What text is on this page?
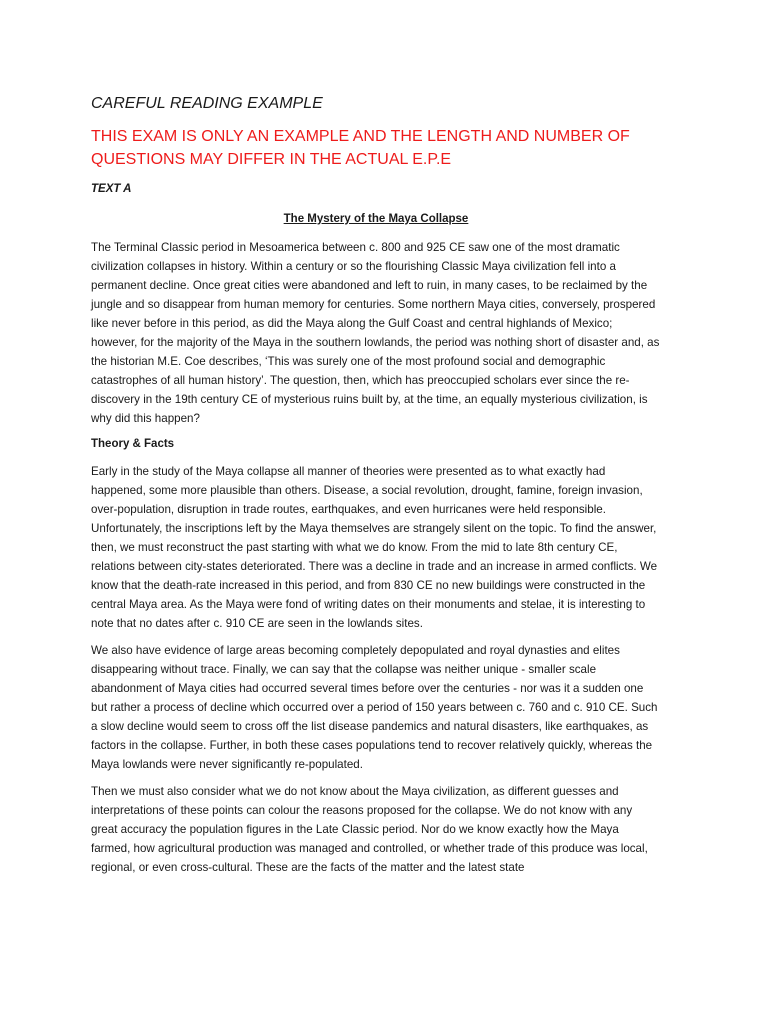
CAREFUL READING EXAMPLE
THIS EXAM IS ONLY AN EXAMPLE AND THE LENGTH AND NUMBER OF QUESTIONS MAY DIFFER IN THE ACTUAL E.P.E
TEXT A
The Mystery of the Maya Collapse

The Terminal Classic period in Mesoamerica between c. 800 and 925 CE saw one of the most dramatic civilization collapses in history. Within a century or so the flourishing Classic Maya civilization fell into a permanent decline. Once great cities were abandoned and left to ruin, in many cases, to be reclaimed by the jungle and so disappear from human memory for centuries. Some northern Maya cities, conversely, prospered like never before in this period, as did the Maya along the Gulf Coast and central highlands of Mexico; however, for the majority of the Maya in the southern lowlands, the period was nothing short of disaster and, as the historian M.E. Coe describes, ‘This was surely one of the most profound social and demographic catastrophes of all human history’. The question, then, which has preoccupied scholars ever since the re-discovery in the 19th century CE of mysterious ruins built by, at the time, an equally mysterious civilization, is why did this happen?

Theory & Facts

Early in the study of the Maya collapse all manner of theories were presented as to what exactly had happened, some more plausible than others. Disease, a social revolution, drought, famine, foreign invasion, over-population, disruption in trade routes, earthquakes, and even hurricanes were held responsible. Unfortunately, the inscriptions left by the Maya themselves are strangely silent on the topic. To find the answer, then, we must reconstruct the past starting with what we do know. From the mid to late 8th century CE, relations between city-states deteriorated. There was a decline in trade and an increase in armed conflicts. We know that the death-rate increased in this period, and from 830 CE no new buildings were constructed in the central Maya area. As the Maya were fond of writing dates on their monuments and stelae, it is interesting to note that no dates after c. 910 CE are seen in the lowlands sites.

We also have evidence of large areas becoming completely depopulated and royal dynasties and elites disappearing without trace. Finally, we can say that the collapse was neither unique - smaller scale abandonment of Maya cities had occurred several times before over the centuries - nor was it a sudden one but rather a process of decline which occurred over a period of 150 years between c. 760 and c. 910 CE. Such a slow decline would seem to cross off the list disease pandemics and natural disasters, like earthquakes, as factors in the collapse. Further, in both these cases populations tend to recover relatively quickly, whereas the Maya lowlands were never significantly re-populated.

Then we must also consider what we do not know about the Maya civilization, as different guesses and interpretations of these points can colour the reasons proposed for the collapse. We do not know with any great accuracy the population figures in the Late Classic period. Nor do we know exactly how the Maya farmed, how agricultural production was managed and controlled, or whether trade of this produce was local, regional, or even cross-cultural. These are the facts of the matter and the latest state
